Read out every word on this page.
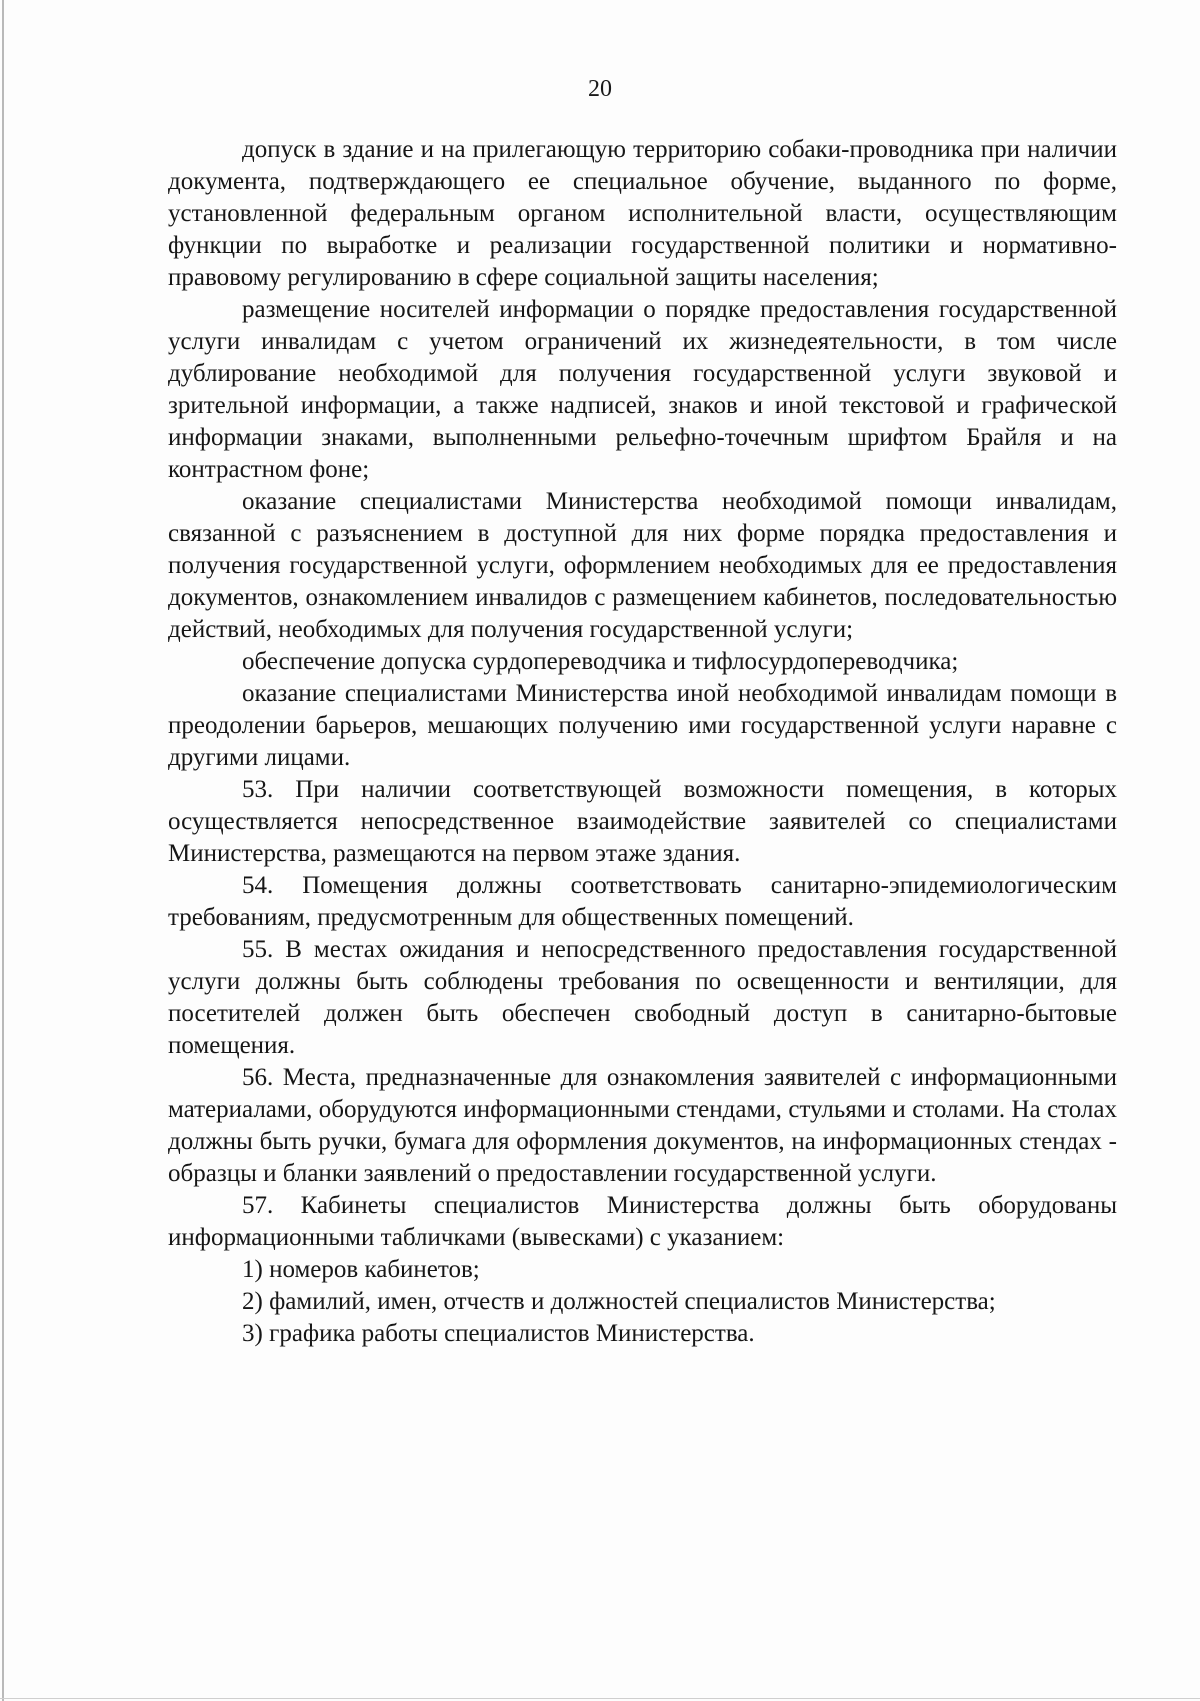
20

допуск в здание и на прилегающую территорию собаки-проводника при наличии документа, подтверждающего ее специальное обучение, выданного по форме, установленной федеральным органом исполнительной власти, осуществляющим функции по выработке и реализации государственной политики и нормативно-правовому регулированию в сфере социальной защиты населения;

размещение носителей информации о порядке предоставления государственной услуги инвалидам с учетом ограничений их жизнедеятельности, в том числе дублирование необходимой для получения государственной услуги звуковой и зрительной информации, а также надписей, знаков и иной текстовой и графической информации знаками, выполненными рельефно-точечным шрифтом Брайля и на контрастном фоне;

оказание специалистами Министерства необходимой помощи инвалидам, связанной с разъяснением в доступной для них форме порядка предоставления и получения государственной услуги, оформлением необходимых для ее предоставления документов, ознакомлением инвалидов с размещением кабинетов, последовательностью действий, необходимых для получения государственной услуги;

обеспечение допуска сурдопереводчика и тифлосурдопереводчика;

оказание специалистами Министерства иной необходимой инвалидам помощи в преодолении барьеров, мешающих получению ими государственной услуги наравне с другими лицами.

53. При наличии соответствующей возможности помещения, в которых осуществляется непосредственное взаимодействие заявителей со специалистами Министерства, размещаются на первом этаже здания.

54. Помещения должны соответствовать санитарно-эпидемиологическим требованиям, предусмотренным для общественных помещений.

55. В местах ожидания и непосредственного предоставления государственной услуги должны быть соблюдены требования по освещенности и вентиляции, для посетителей должен быть обеспечен свободный доступ в санитарно-бытовые помещения.

56. Места, предназначенные для ознакомления заявителей с информационными материалами, оборудуются информационными стендами, стульями и столами. На столах должны быть ручки, бумага для оформления документов, на информационных стендах - образцы и бланки заявлений о предоставлении государственной услуги.

57. Кабинеты специалистов Министерства должны быть оборудованы информационными табличками (вывесками) с указанием:

1) номеров кабинетов;

2) фамилий, имен, отчеств и должностей специалистов Министерства;

3) графика работы специалистов Министерства.
